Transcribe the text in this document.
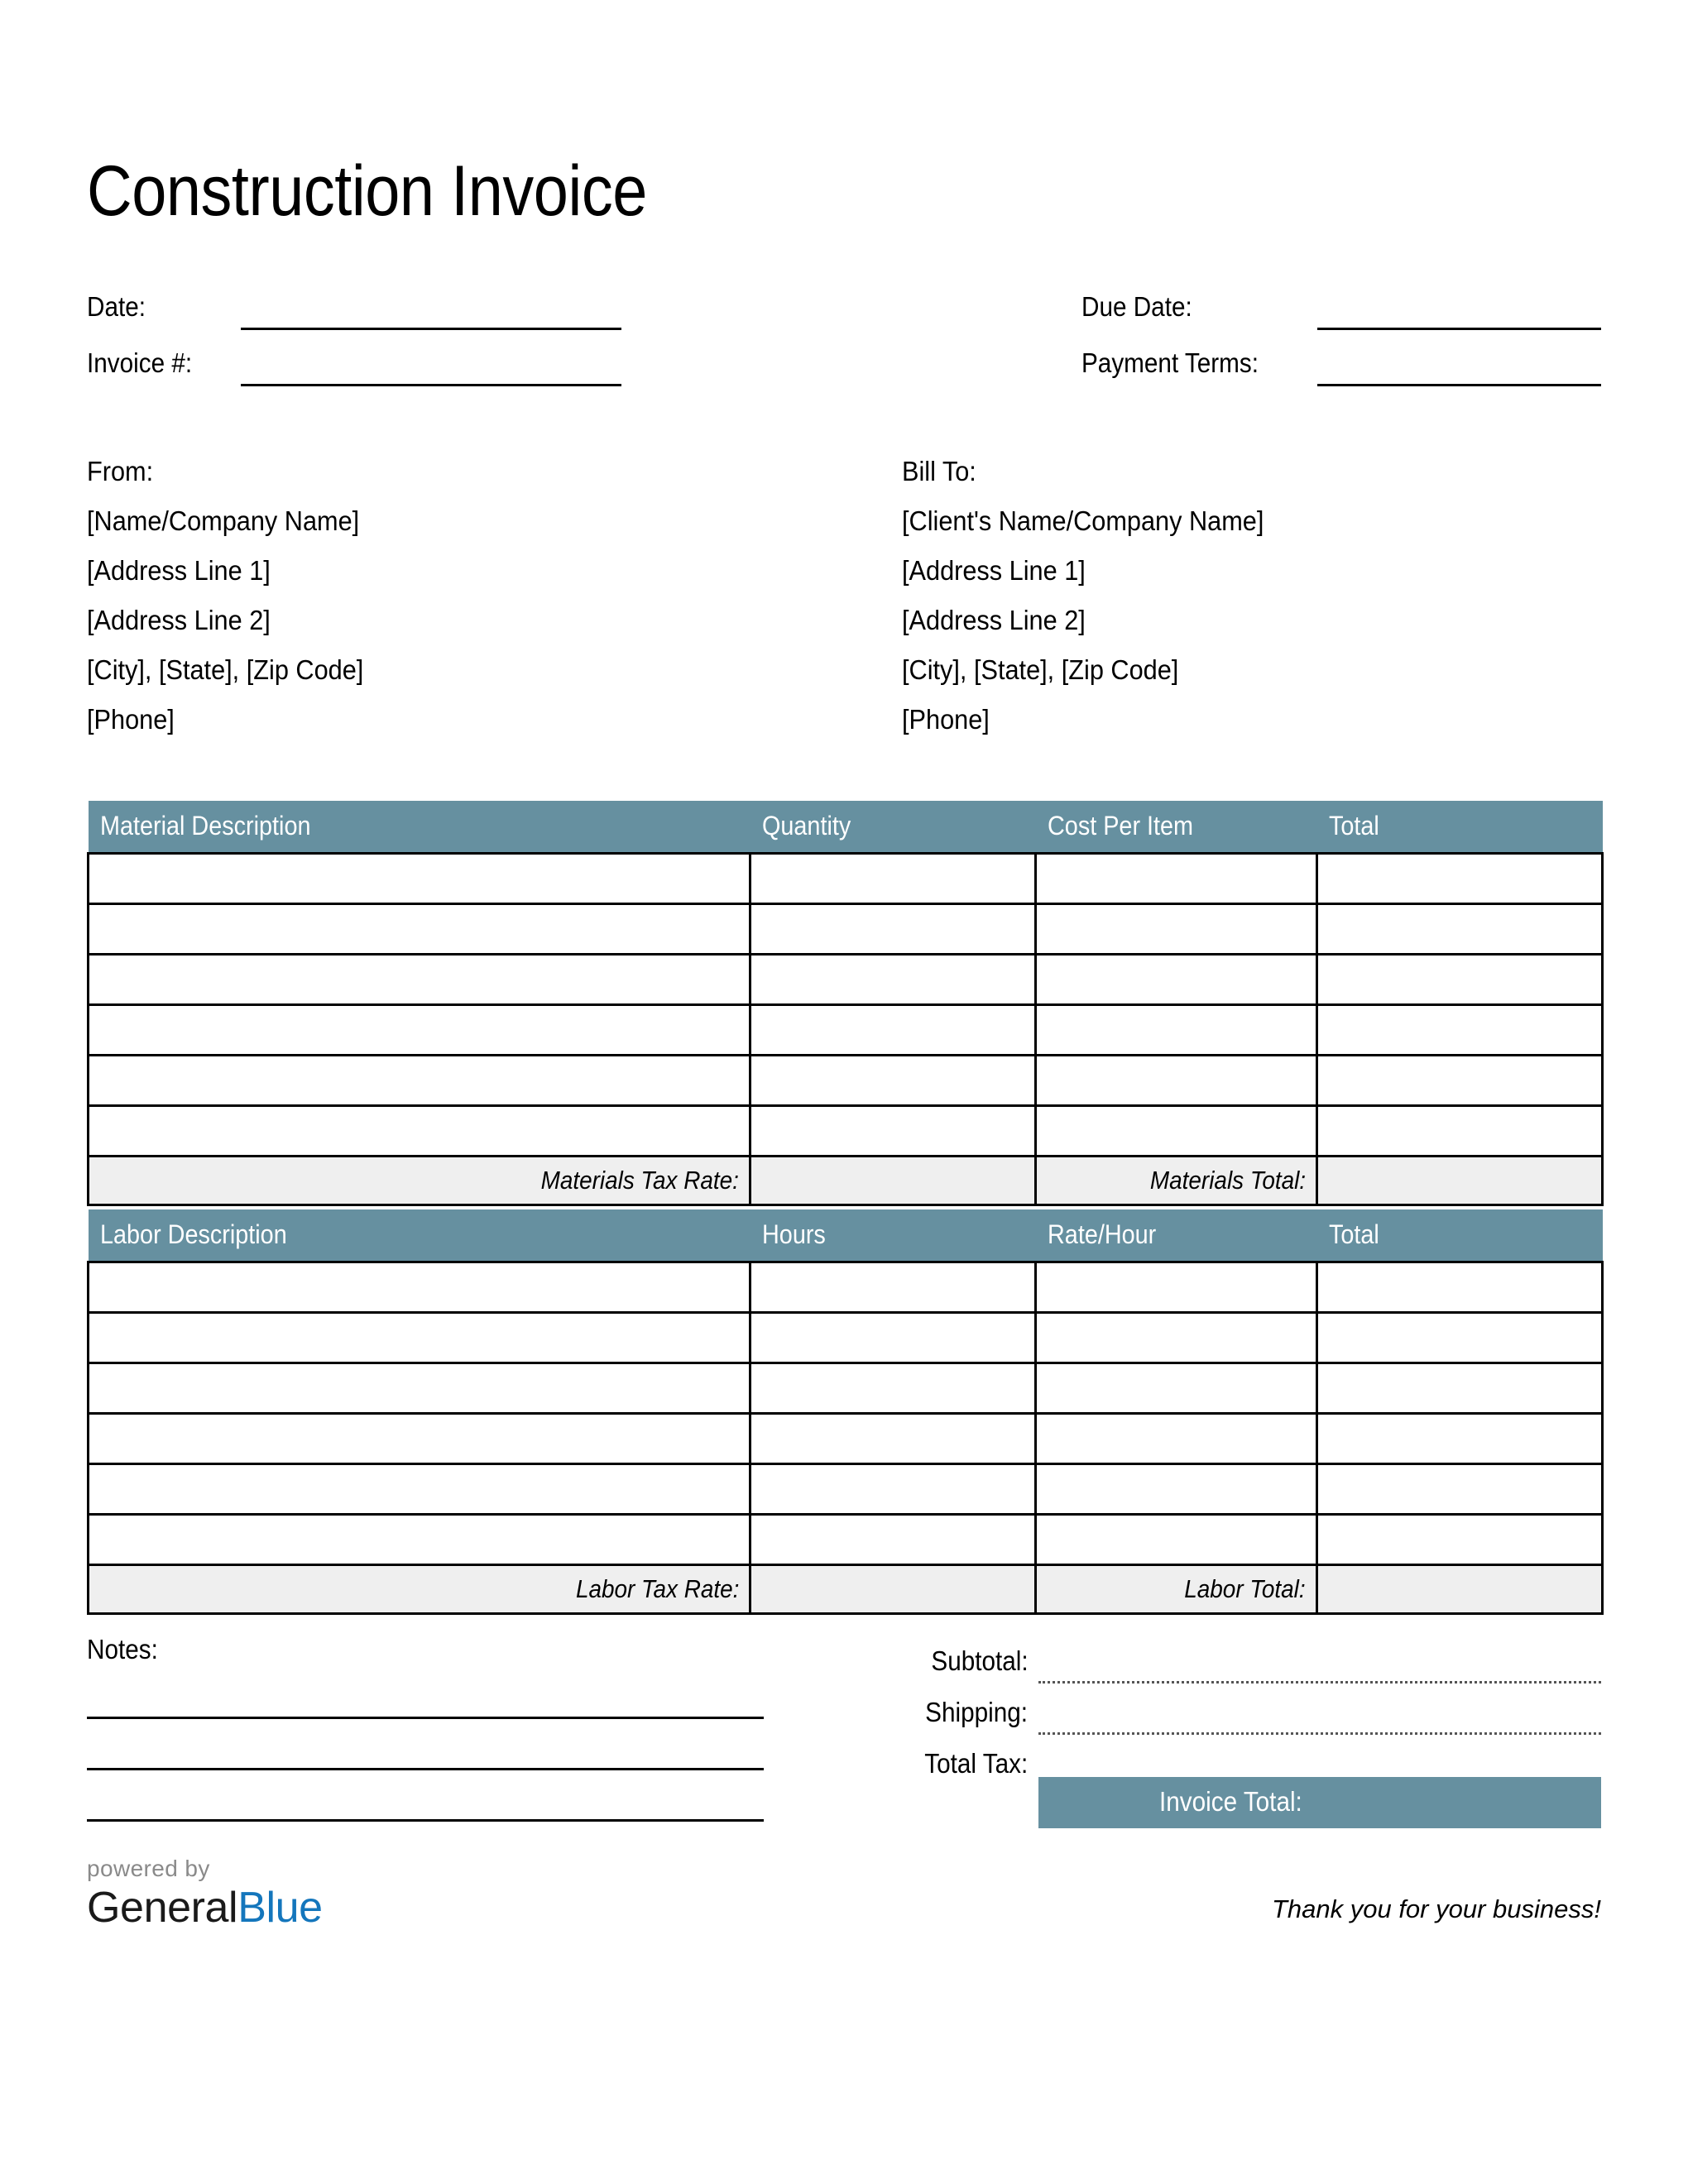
Construction Invoice
Date:
Invoice #:
Due Date:
Payment Terms:
From:
[Name/Company Name]
[Address Line 1]
[Address Line 2]
[City], [State], [Zip Code]
[Phone]
Bill To:
[Client's Name/Company Name]
[Address Line 1]
[Address Line 2]
[City], [State], [Zip Code]
[Phone]
Material Description	Quantity	Cost Per Item	Total

Materials Tax Rate:		Materials Total:	
Labor Description	Hours	Rate/Hour	Total

Labor Tax Rate:		Labor Total:	
Notes:	Subtotal:
Shipping:
Total Tax:
Invoice Total:
powered by
GeneralBlue	Thank you for your business!
